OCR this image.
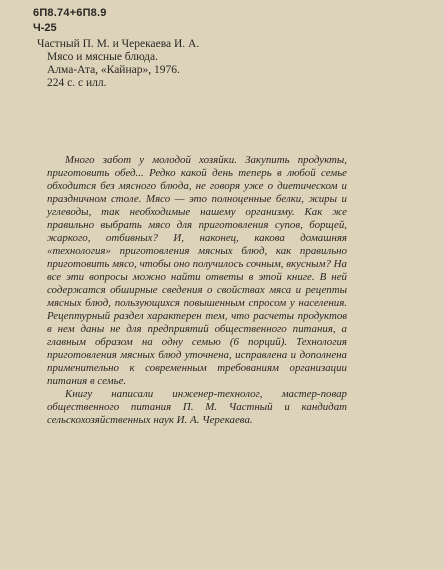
6П8.74+6П8.9
Ч-25
Частный П. М. и Черекаева И. А.
Мясо и мясные блюда.
Алма-Ата, «Кайнар», 1976.
224 с. с илл.

Много забот у молодой хозяйки. Закупить продукты, приготовить обед... Редко какой день теперь в любой семье обходится без мясного блюда, не говоря уже о диетическом и праздничном столе. Мясо — это полноценные белки, жиры и углеводы, так необходимые нашему организму. Как же правильно выбрать мясо для приготовления супов, борщей, жаркого, отбивных? И, наконец, какова домашняя «технология» приготовления мясных блюд, как правильно приготовить мясо, чтобы оно получилось сочным, вкусным? На все эти вопросы можно найти ответы в этой книге. В ней содержатся обширные сведения о свойствах мяса и рецепты мясных блюд, пользующихся повышенным спросом у населения. Рецептурный раздел характерен тем, что расчеты продуктов в нем даны не для предприятий общественного питания, а главным образом на одну семью (6 порций). Технология приготовления мясных блюд уточнена, исправлена и дополнена применительно к современным требованиям организации питания в семье.

Книгу написали инженер-технолог, мастер-повар общественного питания П. М. Частный и кандидат сельскохозяйственных наук И. А. Черекаева.
